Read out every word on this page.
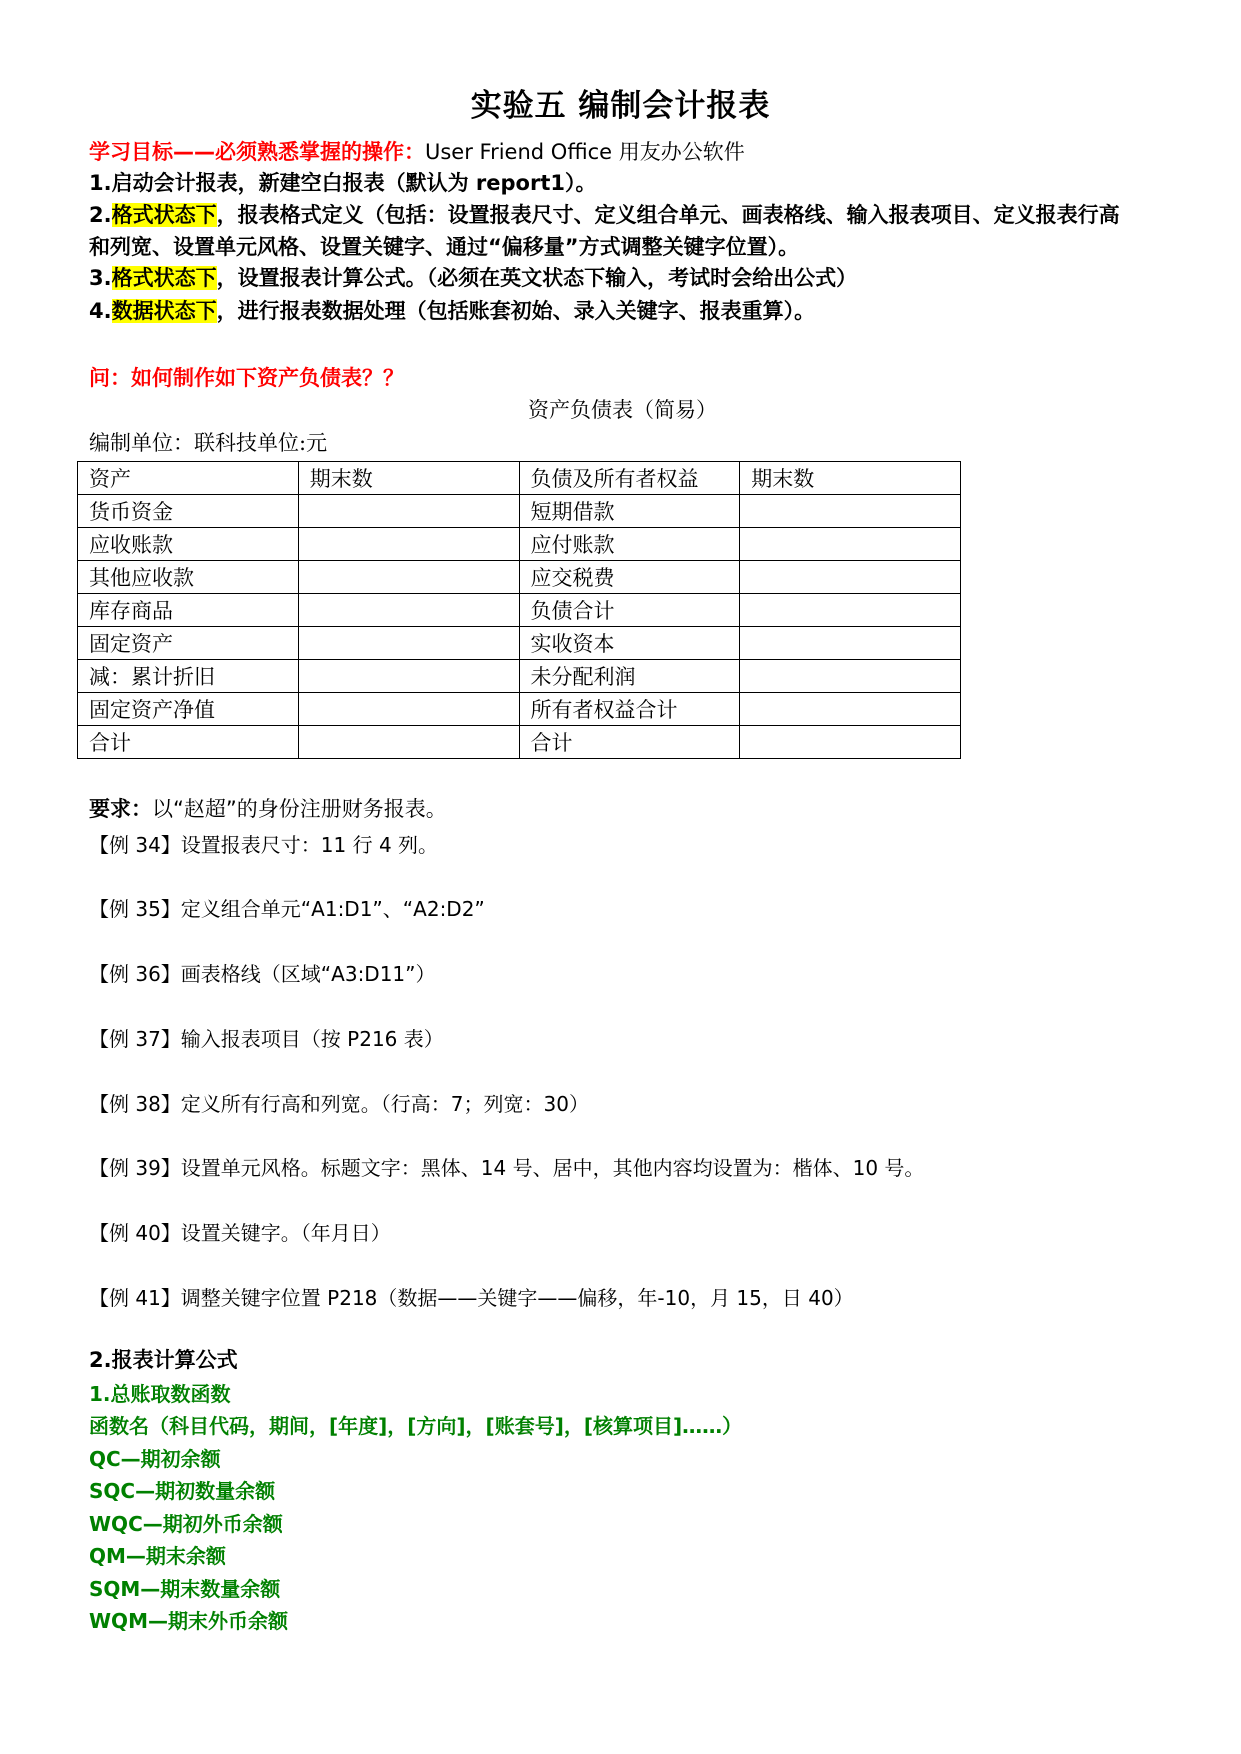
实验五 编制会计报表
学习目标——必须熟悉掌握的操作：User Friend Office 用友办公软件
1.启动会计报表，新建空白报表（默认为 report1）。
2.格式状态下，报表格式定义（包括：设置报表尺寸、定义组合单元、画表格线、输入报表项目、定义报表行高
和列宽、设置单元风格、设置关键字、通过“偏移量”方式调整关键字位置）。
3.格式状态下，设置报表计算公式。（必须在英文状态下输入，考试时会给出公式）
4.数据状态下，进行报表数据处理（包括账套初始、录入关键字、报表重算）。
问：如何制作如下资产负债表？？
资产负债表（简易）
编制单位：联科技单位:元
资产	期末数	负债及所有者权益	期末数
货币资金		短期借款	
应收账款		应付账款	
其他应收款		应交税费	
库存商品		负债合计	
固定资产		实收资本	
减：累计折旧		未分配利润	
固定资产净值		所有者权益合计	
合计		合计	
要求：以“赵超”的身份注册财务报表。
【例 34】设置报表尺寸：11 行 4 列。
【例 35】定义组合单元“A1:D1”、“A2:D2”
【例 36】画表格线（区域“A3:D11”）
【例 37】输入报表项目（按 P216 表）
【例 38】定义所有行高和列宽。（行高：7；列宽：30）
【例 39】设置单元风格。标题文字：黑体、14 号、居中，其他内容均设置为：楷体、10 号。
【例 40】设置关键字。（年月日）
【例 41】调整关键字位置 P218（数据——关键字——偏移，年-10，月 15，日 40）
2.报表计算公式
1.总账取数函数
函数名（科目代码，期间，[年度]，[方向]，[账套号]，[核算项目]……）
QC—期初余额
SQC—期初数量余额
WQC—期初外币余额
QM—期末余额
SQM—期末数量余额
WQM—期末外币余额
